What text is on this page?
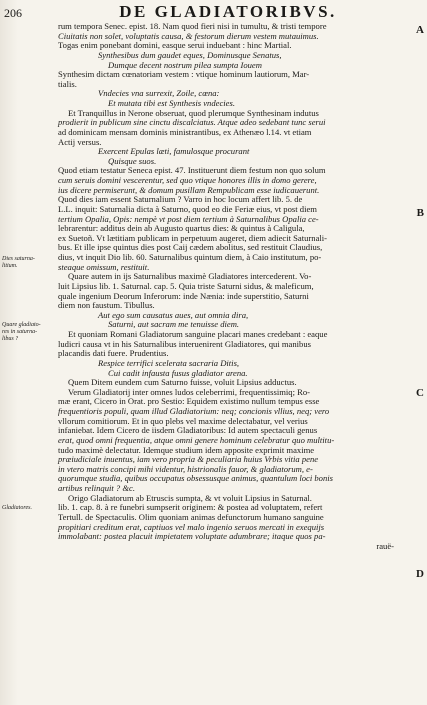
206	DE GLADIATORIBVS.
A
B
C
D
Dies saturna-
litium.
Quare gladiato-
res in saturna-
libus ?
Gladiatores.

rum tempora Senec. epist. 18. Nam quod fieri nisi in tumultu, & tristi tempore

Ciuitatis non solet, voluptatis causa, & festorum dierum vestem mutauimus.

Togas enim ponebant domini, easque serui induebant : hinc Martial.

Synthesibus dum gaudet eques, Dominusque Senatus,

Dumque decent nostrum pilea sumpta Iouem

Synthesim dictam cœnatoriam vestem : vtique hominum lautiorum, Mar-

tialis.

Vndecies vna surrexit, Zoile, cœna:

Et mutata tibi est Synthesis vndecies.

Et Tranquillus in Nerone obseruat, quod plerumque Synthesinam indutus

prodierit in publicum sine cinctu discalciatus. Atque adeo sedebant tunc serui

ad dominicam mensam dominis ministrantibus, ex Athenæo l.14. vt etiam

Actij versus.

Exercent Epulas læti, famulosque procurant

Quisque suos.

Quod etiam testatur Seneca epist. 47. Instituerunt diem festum non quo solum

cum seruis domini vescerentur, sed quo vtique honores illis in domo gerere,

ius dicere permiserunt, & domum pusillam Rempublicam esse iudicauerunt.

Quod dies iam essent Saturnalium ? Varro in hoc locum affert lib. 5. de

L.L. inquit: Saturnalia dicta à Saturno, quod eo die Feriæ eius, vt post diem

tertium Opalia, Opis: nempè vt post diem tertium à Saturnalibus Opalia ce-

lebrarentur: additus dein ab Augusto quartus dies: & quintus à Caligula,

ex Suetoñ. Vt lætitiam publicam in perpetuum augeret, diem adiecit Saturnali-

bus. Et ille ipse quintus dies post Caij cædem abolitus, sed restituit Claudius,

dius, vt inquit Dio lib. 60. Saturnalibus quintum diem, à Caio institutum, po-

steaque omissum, restituit.

Quare autem in ijs Saturnalibus maximè Gladiatores intercederent. Vo-

luit Lipsius lib. 1. Saturnal. cap. 5. Quia triste Saturni sidus, & maleficum,

quale ingenium Deorum Inferorum: inde Nænia: inde superstitio, Saturni

diem non faustum. Tibullus.

Aut ego sum causatus aues, aut omnia dira,

Saturni, aut sacram me tenuisse diem.

Et quoniam Romani Gladiatorum sanguine placari manes credebant : eaque

ludicri causa vt in his Saturnalibus interuenirent Gladiatores, qui manibus

placandis dati fuere. Prudentius.

Respice terrifici scelerata sacraria Ditis,

Cui cadit infausta fusus gladiator arena.

Quem Ditem eundem cum Saturno fuisse, voluit Lipsius adductus.

Verum Gladiatorij inter omnes ludos celeberrimi, frequentissimiq; Ro-

mæ erant, Cicero in Orat. pro Sestio: Equidem existimo nullum tempus esse

frequentioris populi, quam illud Gladiatorium: neq; concionis vllius, neq; vero

vllorum comitiorum. Et in quo plebs vel maxime delectabatur, vel verius

infaniebat. Idem Cicero de iisdem Gladiatoribus: Id autem spectaculi genus

erat, quod omni frequentia, atque omni genere hominum celebratur quo multitu-

tudo maximè delectatur. Idemque studium idem apposite exprimit maxime

præiudiciale inuentus, iam vero propria & peculiaria huius Vrbis vitia pene

in vtero matris concipi mihi videntur, histrionalis fauor, & gladiatorum, e-

quorumque studia, quibus occupatus obsessusque animus, quantulum loci bonis

artibus relinquit ? &c.

Origo Gladiatorum ab Etruscis sumpta, & vt voluit Lipsius in Saturnal.

lib. 1. cap. 8. à re funebri sumpserit originem: & postea ad voluptatem, refert

Tertull. de Spectaculis. Olim quoniam animas defunctorum humano sanguine

propitiari creditum erat, captiuos vel malo ingenio seruos mercati in exequijs

immolabant: postea placuit impietatem voluptate adumbrare; itaque quos pa-

rauë-
